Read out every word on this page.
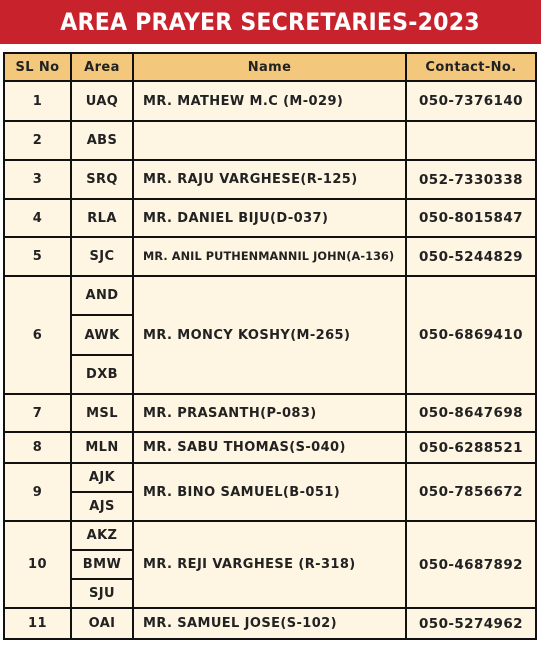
AREA PRAYER SECRETARIES-2023
SL No	Area	Name	Contact-No.
1	UAQ	MR. MATHEW M.C (M-029)	050-7376140
2	ABS		
3	SRQ	MR. RAJU VARGHESE(R-125)	052-7330338
4	RLA	MR. DANIEL BIJU(D-037)	050-8015847
5	SJC	MR. ANIL PUTHENMANNIL JOHN(A-136)	050-5244829
6	AND	MR. MONCY KOSHY(M-265)	050-6869410
	AWK		
	DXB		
7	MSL	MR. PRASANTH(P-083)	050-8647698
8	MLN	MR. SABU THOMAS(S-040)	050-6288521
9	AJK	MR. BINO SAMUEL(B-051)	050-7856672
	AJS		
10	AKZ	MR. REJI VARGHESE (R-318)	050-4687892
	BMW		
	SJU		
11	OAI	MR. SAMUEL JOSE(S-102)	050-5274962
